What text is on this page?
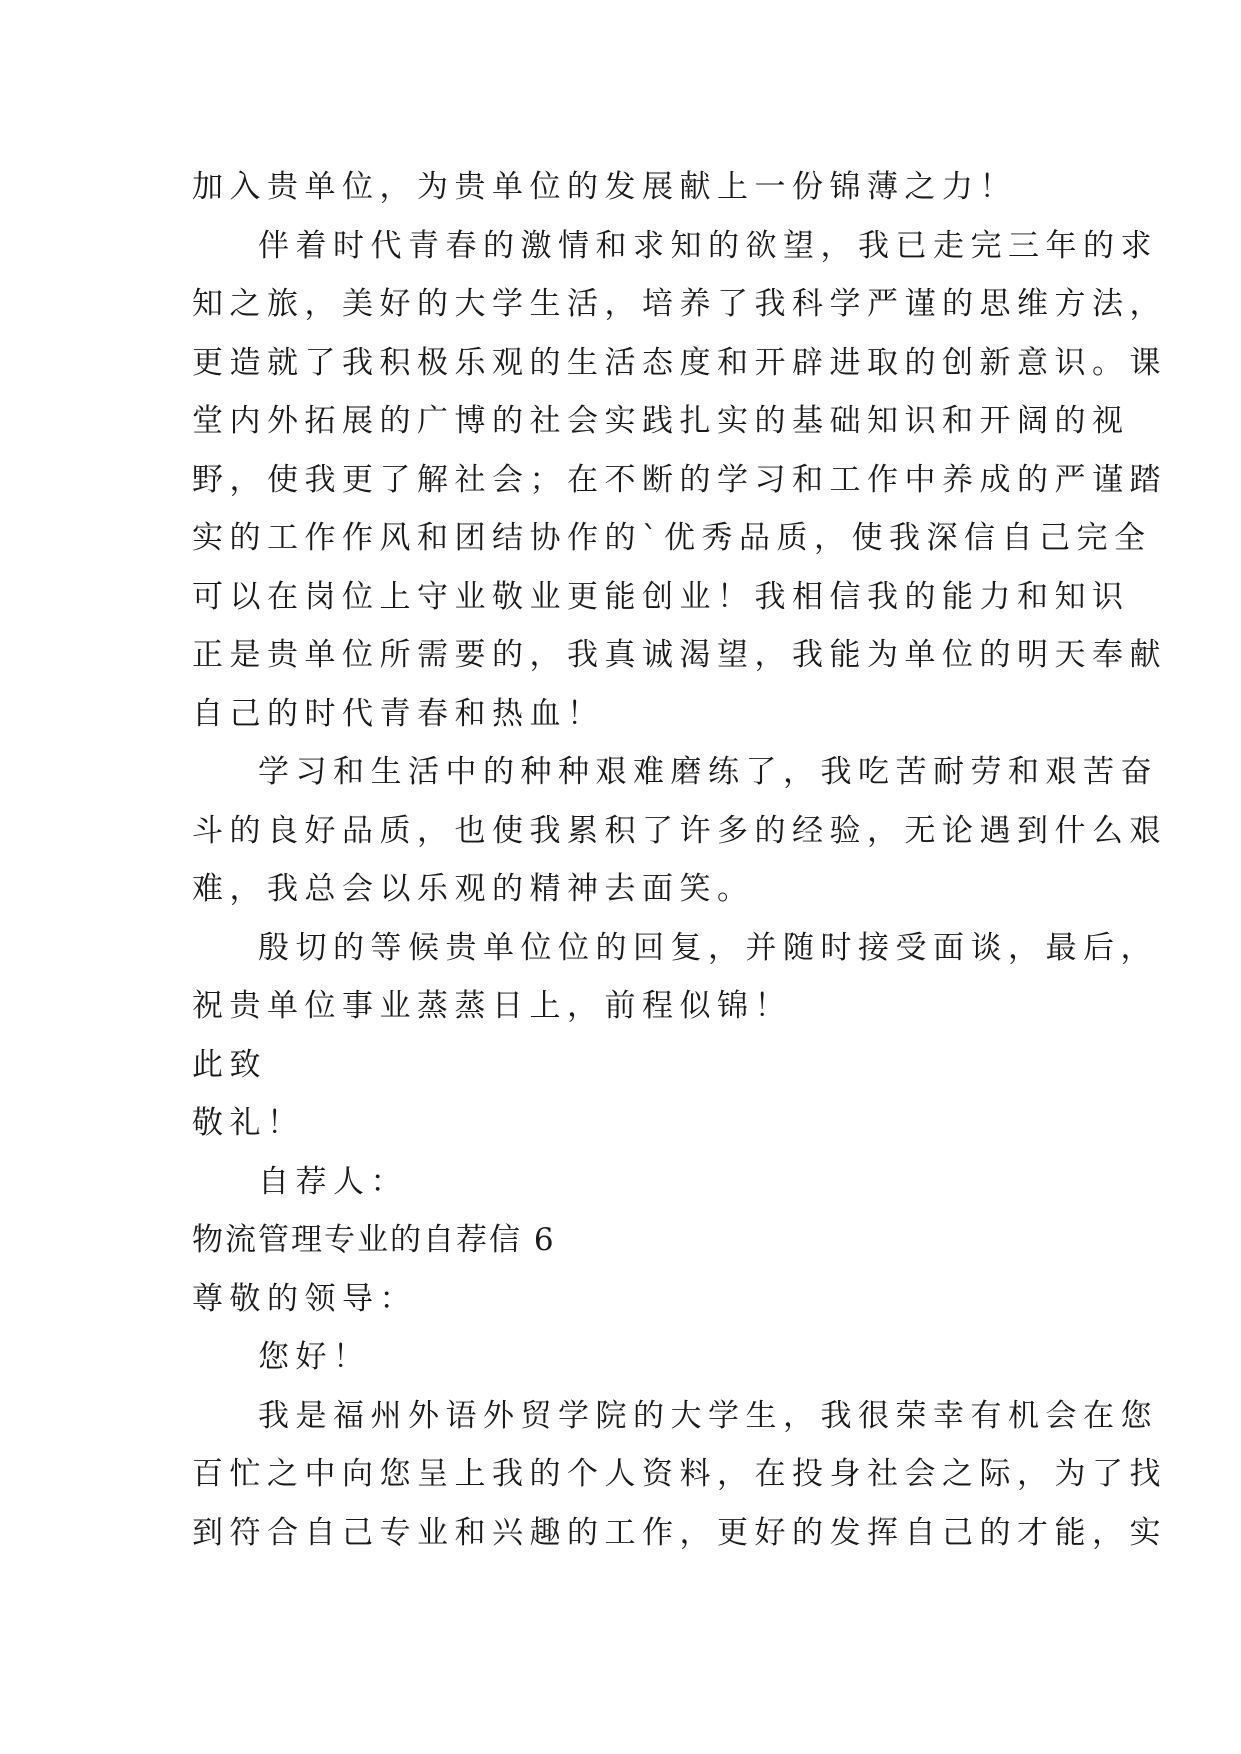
加入贵单位，为贵单位的发展献上一份锦薄之力！
伴着时代青春的激情和求知的欲望，我已走完三年的求
知之旅，美好的大学生活，培养了我科学严谨的思维方法，
更造就了我积极乐观的生活态度和开辟进取的创新意识。课
堂内外拓展的广博的社会实践扎实的基础知识和开阔的视
野，使我更了解社会；在不断的学习和工作中养成的严谨踏
实的工作作风和团结协作的`优秀品质，使我深信自己完全
可以在岗位上守业敬业更能创业！我相信我的能力和知识
正是贵单位所需要的，我真诚渴望，我能为单位的明天奉献
自己的时代青春和热血！
学习和生活中的种种艰难磨练了，我吃苦耐劳和艰苦奋
斗的良好品质，也使我累积了许多的经验，无论遇到什么艰
难，我总会以乐观的精神去面笑。
殷切的等候贵单位位的回复，并随时接受面谈，最后，
祝贵单位事业蒸蒸日上，前程似锦！
此致
敬礼！
自荐人：
物流管理专业的自荐信 6
尊敬的领导：
您好！
我是福州外语外贸学院的大学生，我很荣幸有机会在您
百忙之中向您呈上我的个人资料，在投身社会之际，为了找
到符合自己专业和兴趣的工作，更好的发挥自己的才能，实
